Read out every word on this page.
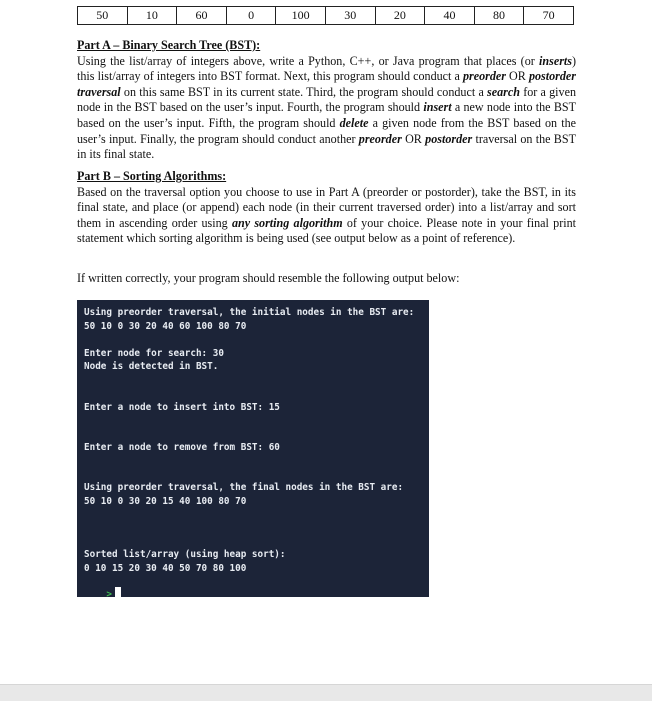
50	10	60	0	100	30	20	40	80	70
Part A – Binary Search Tree (BST):
Using the list/array of integers above, write a Python, C++, or Java program that places (or inserts) this list/array of integers into BST format. Next, this program should conduct a preorder OR postorder traversal on this same BST in its current state. Third, the program should conduct a search for a given node in the BST based on the user’s input. Fourth, the program should insert a new node into the BST based on the user’s input. Fifth, the program should delete a given node from the BST based on the user’s input. Finally, the program should conduct another preorder OR postorder traversal on the BST in its final state.
Part B – Sorting Algorithms:
Based on the traversal option you choose to use in Part A (preorder or postorder), take the BST, in its final state, and place (or append) each node (in their current traversed order) into a list/array and sort them in ascending order using any sorting algorithm of your choice. Please note in your final print statement which sorting algorithm is being used (see output below as a point of reference).
If written correctly, your program should resemble the following output below:
Using preorder traversal, the initial nodes in the BST are:
50 10 0 30 20 40 60 100 80 70
Enter node for search: 30
Node is detected in BST.
Enter a node to insert into BST: 15
Enter a node to remove from BST: 60
Using preorder traversal, the final nodes in the BST are:
50 10 0 30 20 15 40 100 80 70
Sorted list/array (using heap sort):
0 10 15 20 30 40 50 70 80 100

>
